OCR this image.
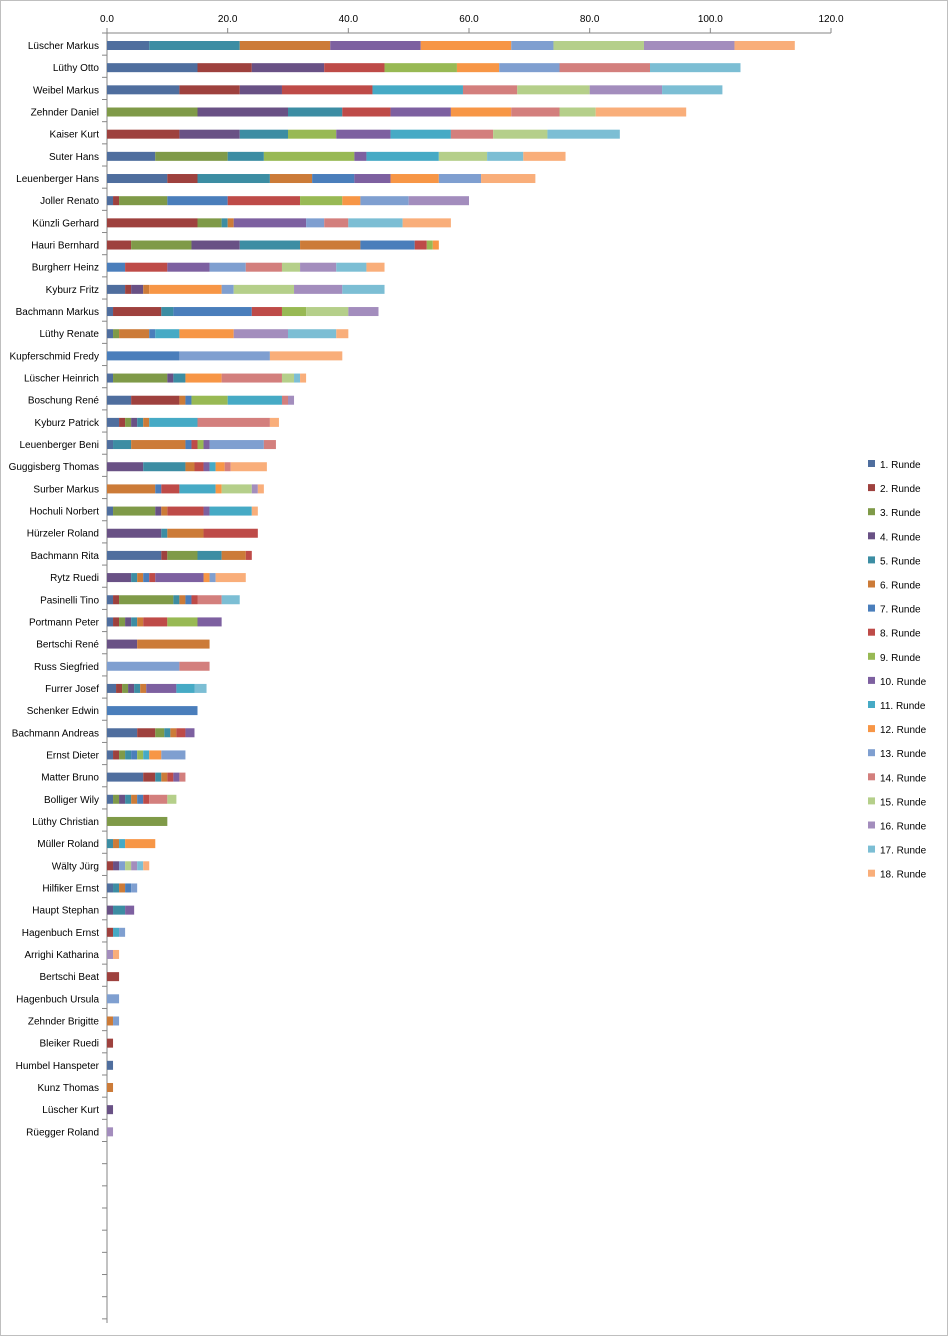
0.0	20.0	40.0	60.0	80.0	100.0	120.0
Lüscher Markus
Lüthy Otto
Weibel Markus
Zehnder Daniel
Kaiser Kurt
Suter Hans
Leuenberger Hans
Joller Renato
Künzli Gerhard
Hauri Bernhard
Burgherr Heinz
Kyburz Fritz
Bachmann Markus
Lüthy Renate
Kupferschmid Fredy
Lüscher Heinrich
Boschung René
Kyburz Patrick
Leuenberger Beni
Guggisberg Thomas
Surber Markus
Hochuli Norbert
Hürzeler Roland
Bachmann Rita
Rytz Ruedi
Pasinelli Tino
Portmann Peter
Bertschi René
Russ Siegfried
Furrer Josef
Schenker Edwin
Bachmann Andreas
Ernst Dieter
Matter Bruno
Bolliger Wily
Lüthy Christian
Müller Roland
Wälty Jürg
Hilfiker Ernst
Haupt Stephan
Hagenbuch Ernst
Arrighi Katharina
Bertschi Beat
Hagenbuch Ursula
Zehnder Brigitte
Bleiker Ruedi
Humbel Hanspeter
Kunz Thomas
Lüscher Kurt
Rüegger Roland
1. Runde
2. Runde
3. Runde
4. Runde
5. Runde
6. Runde
7. Runde
8. Runde
9. Runde
10. Runde
11. Runde
12. Runde
13. Runde
14. Runde
15. Runde
16. Runde
17. Runde
18. Runde
